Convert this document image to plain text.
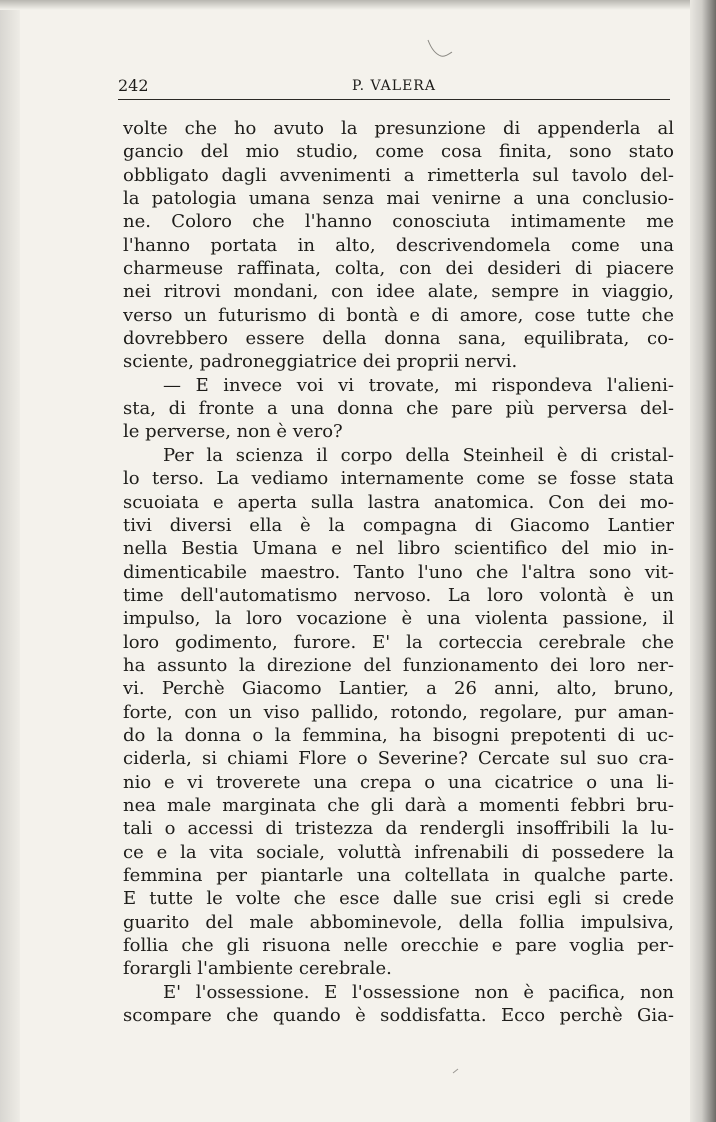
242	P. VALERA
volte che ho avuto la presunzione di appenderla al
gancio del mio studio, come cosa finita, sono stato
obbligato dagli avvenimenti a rimetterla sul tavolo del-
la patologia umana senza mai venirne a una conclusio-
ne. Coloro che l'hanno conosciuta intimamente me
l'hanno portata in alto, descrivendomela come una
charmeuse raffinata, colta, con dei desideri di piacere
nei ritrovi mondani, con idee alate, sempre in viaggio,
verso un futurismo di bontà e di amore, cose tutte che
dovrebbero essere della donna sana, equilibrata, co-
sciente, padroneggiatrice dei proprii nervi.
— E invece voi vi trovate, mi rispondeva l'alieni-
sta, di fronte a una donna che pare più perversa del-
le perverse, non è vero?
Per la scienza il corpo della Steinheil è di cristal-
lo terso. La vediamo internamente come se fosse stata
scuoiata e aperta sulla lastra anatomica. Con dei mo-
tivi diversi ella è la compagna di Giacomo Lantier
nella Bestia Umana e nel libro scientifico del mio in-
dimenticabile maestro. Tanto l'uno che l'altra sono vit-
time dell'automatismo nervoso. La loro volontà è un
impulso, la loro vocazione è una violenta passione, il
loro godimento, furore. E' la corteccia cerebrale che
ha assunto la direzione del funzionamento dei loro ner-
vi. Perchè Giacomo Lantier, a 26 anni, alto, bruno,
forte, con un viso pallido, rotondo, regolare, pur aman-
do la donna o la femmina, ha bisogni prepotenti di uc-
ciderla, si chiami Flore o Severine? Cercate sul suo cra-
nio e vi troverete una crepa o una cicatrice o una li-
nea male marginata che gli darà a momenti febbri bru-
tali o accessi di tristezza da rendergli insoffribili la lu-
ce e la vita sociale, voluttà infrenabili di possedere la
femmina per piantarle una coltellata in qualche parte.
E tutte le volte che esce dalle sue crisi egli si crede
guarito del male abbominevole, della follia impulsiva,
follia che gli risuona nelle orecchie e pare voglia per-
forargli l'ambiente cerebrale.
E' l'ossessione. E l'ossessione non è pacifica, non
scompare che quando è soddisfatta. Ecco perchè Gia-
